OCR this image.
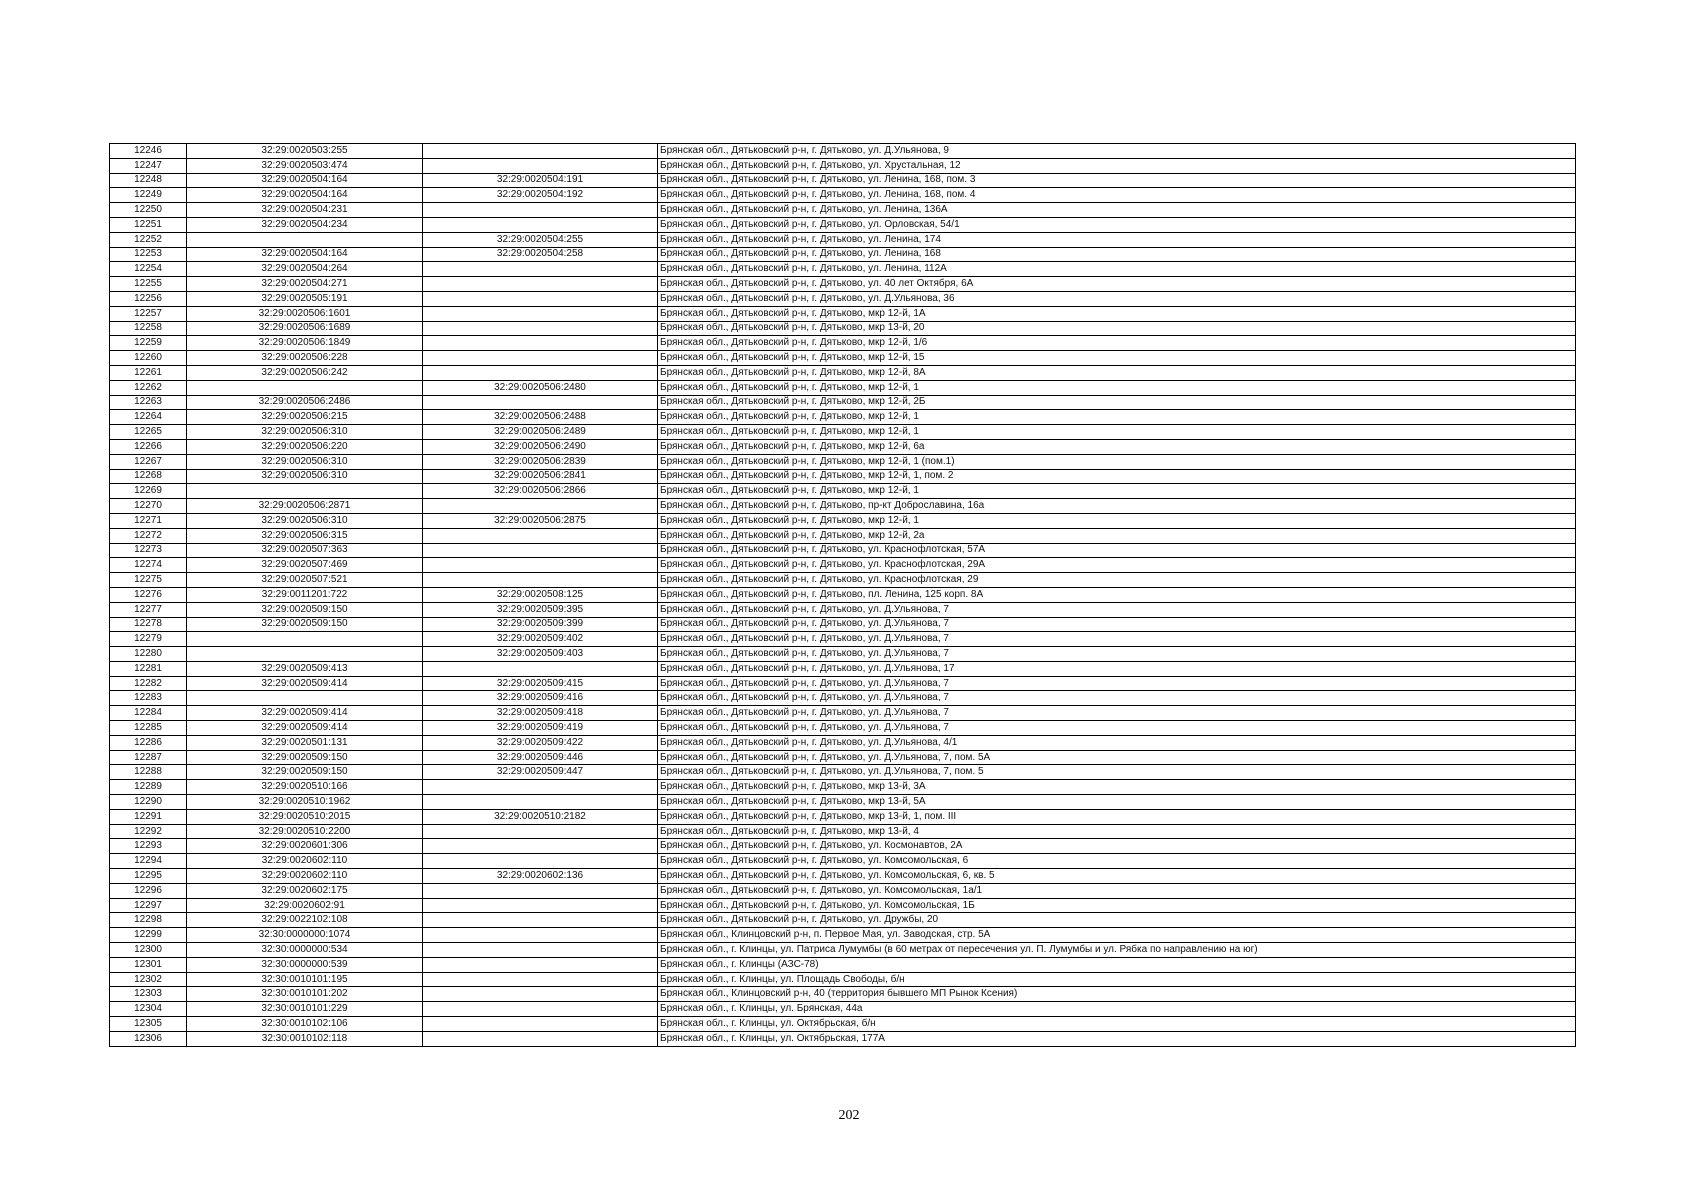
12246	32:29:0020503:255		Брянская обл., Дятьковский р-н, г. Дятьково, ул. Д.Ульянова, 9
12247	32:29:0020503:474		Брянская обл., Дятьковский р-н, г. Дятьково, ул. Хрустальная, 12
12248	32:29:0020504:164	32:29:0020504:191	Брянская обл., Дятьковский р-н, г. Дятьково, ул. Ленина, 168, пом. 3
12249	32:29:0020504:164	32:29:0020504:192	Брянская обл., Дятьковский р-н, г. Дятьково, ул. Ленина, 168, пом. 4
12250	32:29:0020504:231		Брянская обл., Дятьковский р-н, г. Дятьково, ул. Ленина, 136А
12251	32:29:0020504:234		Брянская обл., Дятьковский р-н, г. Дятьково, ул. Орловская, 54/1
12252		32:29:0020504:255	Брянская обл., Дятьковский р-н, г. Дятьково, ул. Ленина, 174
12253	32:29:0020504:164	32:29:0020504:258	Брянская обл., Дятьковский р-н, г. Дятьково, ул. Ленина, 168
12254	32:29:0020504:264		Брянская обл., Дятьковский р-н, г. Дятьково, ул. Ленина, 112А
12255	32:29:0020504:271		Брянская обл., Дятьковский р-н, г. Дятьково, ул. 40 лет Октября, 6А
12256	32:29:0020505:191		Брянская обл., Дятьковский р-н, г. Дятьково, ул. Д.Ульянова, 36
12257	32:29:0020506:1601		Брянская обл., Дятьковский р-н, г. Дятьково, мкр 12-й, 1А
12258	32:29:0020506:1689		Брянская обл., Дятьковский р-н, г. Дятьково, мкр 13-й, 20
12259	32:29:0020506:1849		Брянская обл., Дятьковский р-н, г. Дятьково, мкр 12-й, 1/6
12260	32:29:0020506:228		Брянская обл., Дятьковский р-н, г. Дятьково, мкр 12-й, 15
12261	32:29:0020506:242		Брянская обл., Дятьковский р-н, г. Дятьково, мкр 12-й, 8А
12262		32:29:0020506:2480	Брянская обл., Дятьковский р-н, г. Дятьково, мкр 12-й, 1
12263	32:29:0020506:2486		Брянская обл., Дятьковский р-н, г. Дятьково, мкр 12-й, 2Б
12264	32:29:0020506:215	32:29:0020506:2488	Брянская обл., Дятьковский р-н, г. Дятьково, мкр 12-й, 1
12265	32:29:0020506:310	32:29:0020506:2489	Брянская обл., Дятьковский р-н, г. Дятьково, мкр 12-й, 1
12266	32:29:0020506:220	32:29:0020506:2490	Брянская обл., Дятьковский р-н, г. Дятьково, мкр 12-й, 6а
12267	32:29:0020506:310	32:29:0020506:2839	Брянская обл., Дятьковский р-н, г. Дятьково, мкр 12-й, 1 (пом.1)
12268	32:29:0020506:310	32:29:0020506:2841	Брянская обл., Дятьковский р-н, г. Дятьково, мкр 12-й, 1, пом. 2
12269		32:29:0020506:2866	Брянская обл., Дятьковский р-н, г. Дятьково, мкр 12-й, 1
12270	32:29:0020506:2871		Брянская обл., Дятьковский р-н, г. Дятьково, пр-кт Доброславина, 16а
12271	32:29:0020506:310	32:29:0020506:2875	Брянская обл., Дятьковский р-н, г. Дятьково, мкр 12-й, 1
12272	32:29:0020506:315		Брянская обл., Дятьковский р-н, г. Дятьково, мкр 12-й, 2а
12273	32:29:0020507:363		Брянская обл., Дятьковский р-н, г. Дятьково, ул. Краснофлотская, 57А
12274	32:29:0020507:469		Брянская обл., Дятьковский р-н, г. Дятьково, ул. Краснофлотская, 29А
12275	32:29:0020507:521		Брянская обл., Дятьковский р-н, г. Дятьково, ул. Краснофлотская, 29
12276	32:29:0011201:722	32:29:0020508:125	Брянская обл., Дятьковский р-н, г. Дятьково, пл. Ленина, 125 корп. 8А
12277	32:29:0020509:150	32:29:0020509:395	Брянская обл., Дятьковский р-н, г. Дятьково, ул. Д.Ульянова, 7
12278	32:29:0020509:150	32:29:0020509:399	Брянская обл., Дятьковский р-н, г. Дятьково, ул. Д.Ульянова, 7
12279		32:29:0020509:402	Брянская обл., Дятьковский р-н, г. Дятьково, ул. Д.Ульянова, 7
12280		32:29:0020509:403	Брянская обл., Дятьковский р-н, г. Дятьково, ул. Д.Ульянова, 7
12281	32:29:0020509:413		Брянская обл., Дятьковский р-н, г. Дятьково, ул. Д.Ульянова, 17
12282	32:29:0020509:414	32:29:0020509:415	Брянская обл., Дятьковский р-н, г. Дятьково, ул. Д.Ульянова, 7
12283		32:29:0020509:416	Брянская обл., Дятьковский р-н, г. Дятьково, ул. Д.Ульянова, 7
12284	32:29:0020509:414	32:29:0020509:418	Брянская обл., Дятьковский р-н, г. Дятьково, ул. Д.Ульянова, 7
12285	32:29:0020509:414	32:29:0020509:419	Брянская обл., Дятьковский р-н, г. Дятьково, ул. Д.Ульянова, 7
12286	32:29:0020501:131	32:29:0020509:422	Брянская обл., Дятьковский р-н, г. Дятьково, ул. Д.Ульянова, 4/1
12287	32:29:0020509:150	32:29:0020509:446	Брянская обл., Дятьковский р-н, г. Дятьково, ул. Д.Ульянова, 7, пом. 5А
12288	32:29:0020509:150	32:29:0020509:447	Брянская обл., Дятьковский р-н, г. Дятьково, ул. Д.Ульянова, 7, пом. 5
12289	32:29:0020510:166		Брянская обл., Дятьковский р-н, г. Дятьково, мкр 13-й, 3А
12290	32:29:0020510:1962		Брянская обл., Дятьковский р-н, г. Дятьково, мкр 13-й, 5А
12291	32:29:0020510:2015	32:29:0020510:2182	Брянская обл., Дятьковский р-н, г. Дятьково, мкр 13-й, 1, пом. III
12292	32:29:0020510:2200		Брянская обл., Дятьковский р-н, г. Дятьково, мкр 13-й, 4
12293	32:29:0020601:306		Брянская обл., Дятьковский р-н, г. Дятьково, ул. Космонавтов, 2А
12294	32:29:0020602:110		Брянская обл., Дятьковский р-н, г. Дятьково, ул. Комсомольская, 6
12295	32:29:0020602:110	32:29:0020602:136	Брянская обл., Дятьковский р-н, г. Дятьково, ул. Комсомольская, 6, кв. 5
12296	32:29:0020602:175		Брянская обл., Дятьковский р-н, г. Дятьково, ул. Комсомольская, 1а/1
12297	32:29:0020602:91		Брянская обл., Дятьковский р-н, г. Дятьково, ул. Комсомольская, 1Б
12298	32:29:0022102:108		Брянская обл., Дятьковский р-н, г. Дятьково, ул. Дружбы, 20
12299	32:30:0000000:1074		Брянская обл., Клинцовский р-н, п. Первое Мая, ул. Заводская, стр. 5А
12300	32:30:0000000:534		Брянская обл., г. Клинцы, ул. Патриса Лумумбы (в 60 метрах от пересечения ул. П. Лумумбы и ул. Рябка по направлению на юг)
12301	32:30:0000000:539		Брянская обл., г. Клинцы (АЗС-78)
12302	32:30:0010101:195		Брянская обл., г. Клинцы, ул. Площадь Свободы, б/н
12303	32:30:0010101:202		Брянская обл., Клинцовский р-н, 40 (территория бывшего МП Рынок Ксения)
12304	32:30:0010101:229		Брянская обл., г. Клинцы, ул. Брянская, 44а
12305	32:30:0010102:106		Брянская обл., г. Клинцы, ул. Октябрьская, б/н
12306	32:30:0010102:118		Брянская обл., г. Клинцы, ул. Октябрьская, 177А
202
